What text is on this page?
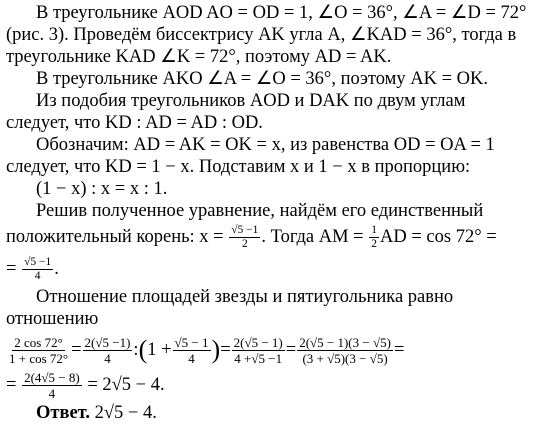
В треугольнике AOD AO = OD = 1, ∠O = 36°, ∠A = ∠D = 72°
(рис. 3). Проведём биссектрису AK угла A, ∠KAD = 36°, тогда в
треугольнике KAD ∠K = 72°, поэтому AD = AK.
В треугольнике AKO ∠A = ∠O = 36°, поэтому AK = OK.
Из подобия треугольников AOD и DAK по двум углам
следует, что KD : AD = AD : OD.
Обозначим: AD = AK = OK = x, из равенства OD = OA = 1
следует, что KD = 1 − x. Подставим x и 1 − x в пропорцию:
(1 − x) : x = x : 1.
Решив полученное уравнение, найдём его единственный
положительный корень: $x = \frac{√5 -1}{2}$ . Тогда AM = $\frac{1}{2}$ AD = cos 72° =
= $\frac{√5 -1}{4}$ .
Отношение площадей звезды и пятиугольника равно
отношению
$\frac{2 \cos 72^\circ}{1 + \cos 72^\circ} = \frac{2(√5 -1)}{4}$ : ( $1 + \frac{√5 - 1}{4}$ ) = $\frac{2(√5 - 1)}{4 +√5 -1} = \frac{2(√5 - 1)(3 - √5)}{(3 + √5)(3 - √5)}$ =
= $\frac{2(4√5 - 8)}{4} = 2√5 - 4$.
Ответ. 2√5 − 4.
